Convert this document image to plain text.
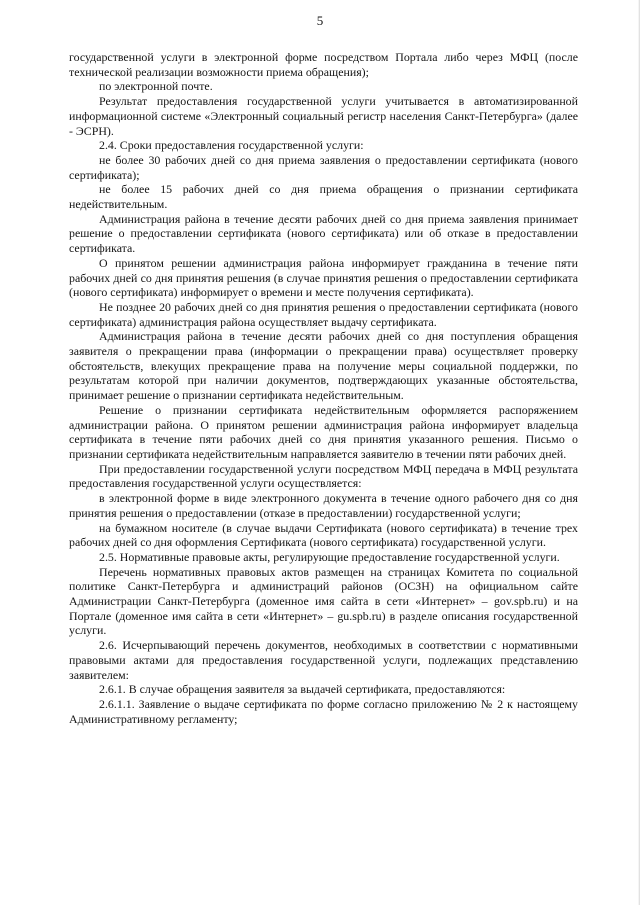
5

государственной услуги в электронной форме посредством Портала либо через МФЦ (после технической реализации возможности приема обращения);

по электронной почте.

Результат предоставления государственной услуги учитывается в автоматизированной информационной системе «Электронный социальный регистр населения Санкт-Петербурга» (далее - ЭСРН).

2.4. Сроки предоставления государственной услуги:

не более 30 рабочих дней со дня приема заявления о предоставлении сертификата (нового сертификата);

не более 15 рабочих дней со дня приема обращения о признании сертификата недействительным.

Администрация района в течение десяти рабочих дней со дня приема заявления принимает решение о предоставлении сертификата (нового сертификата) или об отказе в предоставлении сертификата.

О принятом решении администрация района информирует гражданина в течение пяти рабочих дней со дня принятия решения (в случае принятия решения о предоставлении сертификата (нового сертификата) информирует о времени и месте получения сертификата).

Не позднее 20 рабочих дней со дня принятия решения о предоставлении сертификата (нового сертификата) администрация района осуществляет выдачу сертификата.

Администрация района в течение десяти рабочих дней со дня поступления обращения заявителя о прекращении права (информации о прекращении права) осуществляет проверку обстоятельств, влекущих прекращение права на получение меры социальной поддержки, по результатам которой при наличии документов, подтверждающих указанные обстоятельства, принимает решение о признании сертификата недействительным.

Решение о признании сертификата недействительным оформляется распоряжением администрации района. О принятом решении администрация района информирует владельца сертификата в течение пяти рабочих дней со дня принятия указанного решения. Письмо о признании сертификата недействительным направляется заявителю в течении пяти рабочих дней.

При предоставлении государственной услуги посредством МФЦ передача в МФЦ результата предоставления государственной услуги осуществляется:

в электронной форме в виде электронного документа в течение одного рабочего дня со дня принятия решения о предоставлении (отказе в предоставлении) государственной услуги;

на бумажном носителе (в случае выдачи Сертификата (нового сертификата) в течение трех рабочих дней со дня оформления Сертификата (нового сертификата) государственной услуги.

2.5. Нормативные правовые акты, регулирующие предоставление государственной услуги.

Перечень нормативных правовых актов размещен на страницах Комитета по социальной политике Санкт-Петербурга и администраций районов (ОСЗН) на официальном сайте Администрации Санкт-Петербурга (доменное имя сайта в сети «Интернет» – gov.spb.ru) и на Портале (доменное имя сайта в сети «Интернет» – gu.spb.ru) в разделе описания государственной услуги.

2.6. Исчерпывающий перечень документов, необходимых в соответствии с нормативными правовыми актами для предоставления государственной услуги, подлежащих представлению заявителем:

2.6.1. В случае обращения заявителя за выдачей сертификата, предоставляются:

2.6.1.1. Заявление о выдаче сертификата по форме согласно приложению № 2 к настоящему Административному регламенту;
